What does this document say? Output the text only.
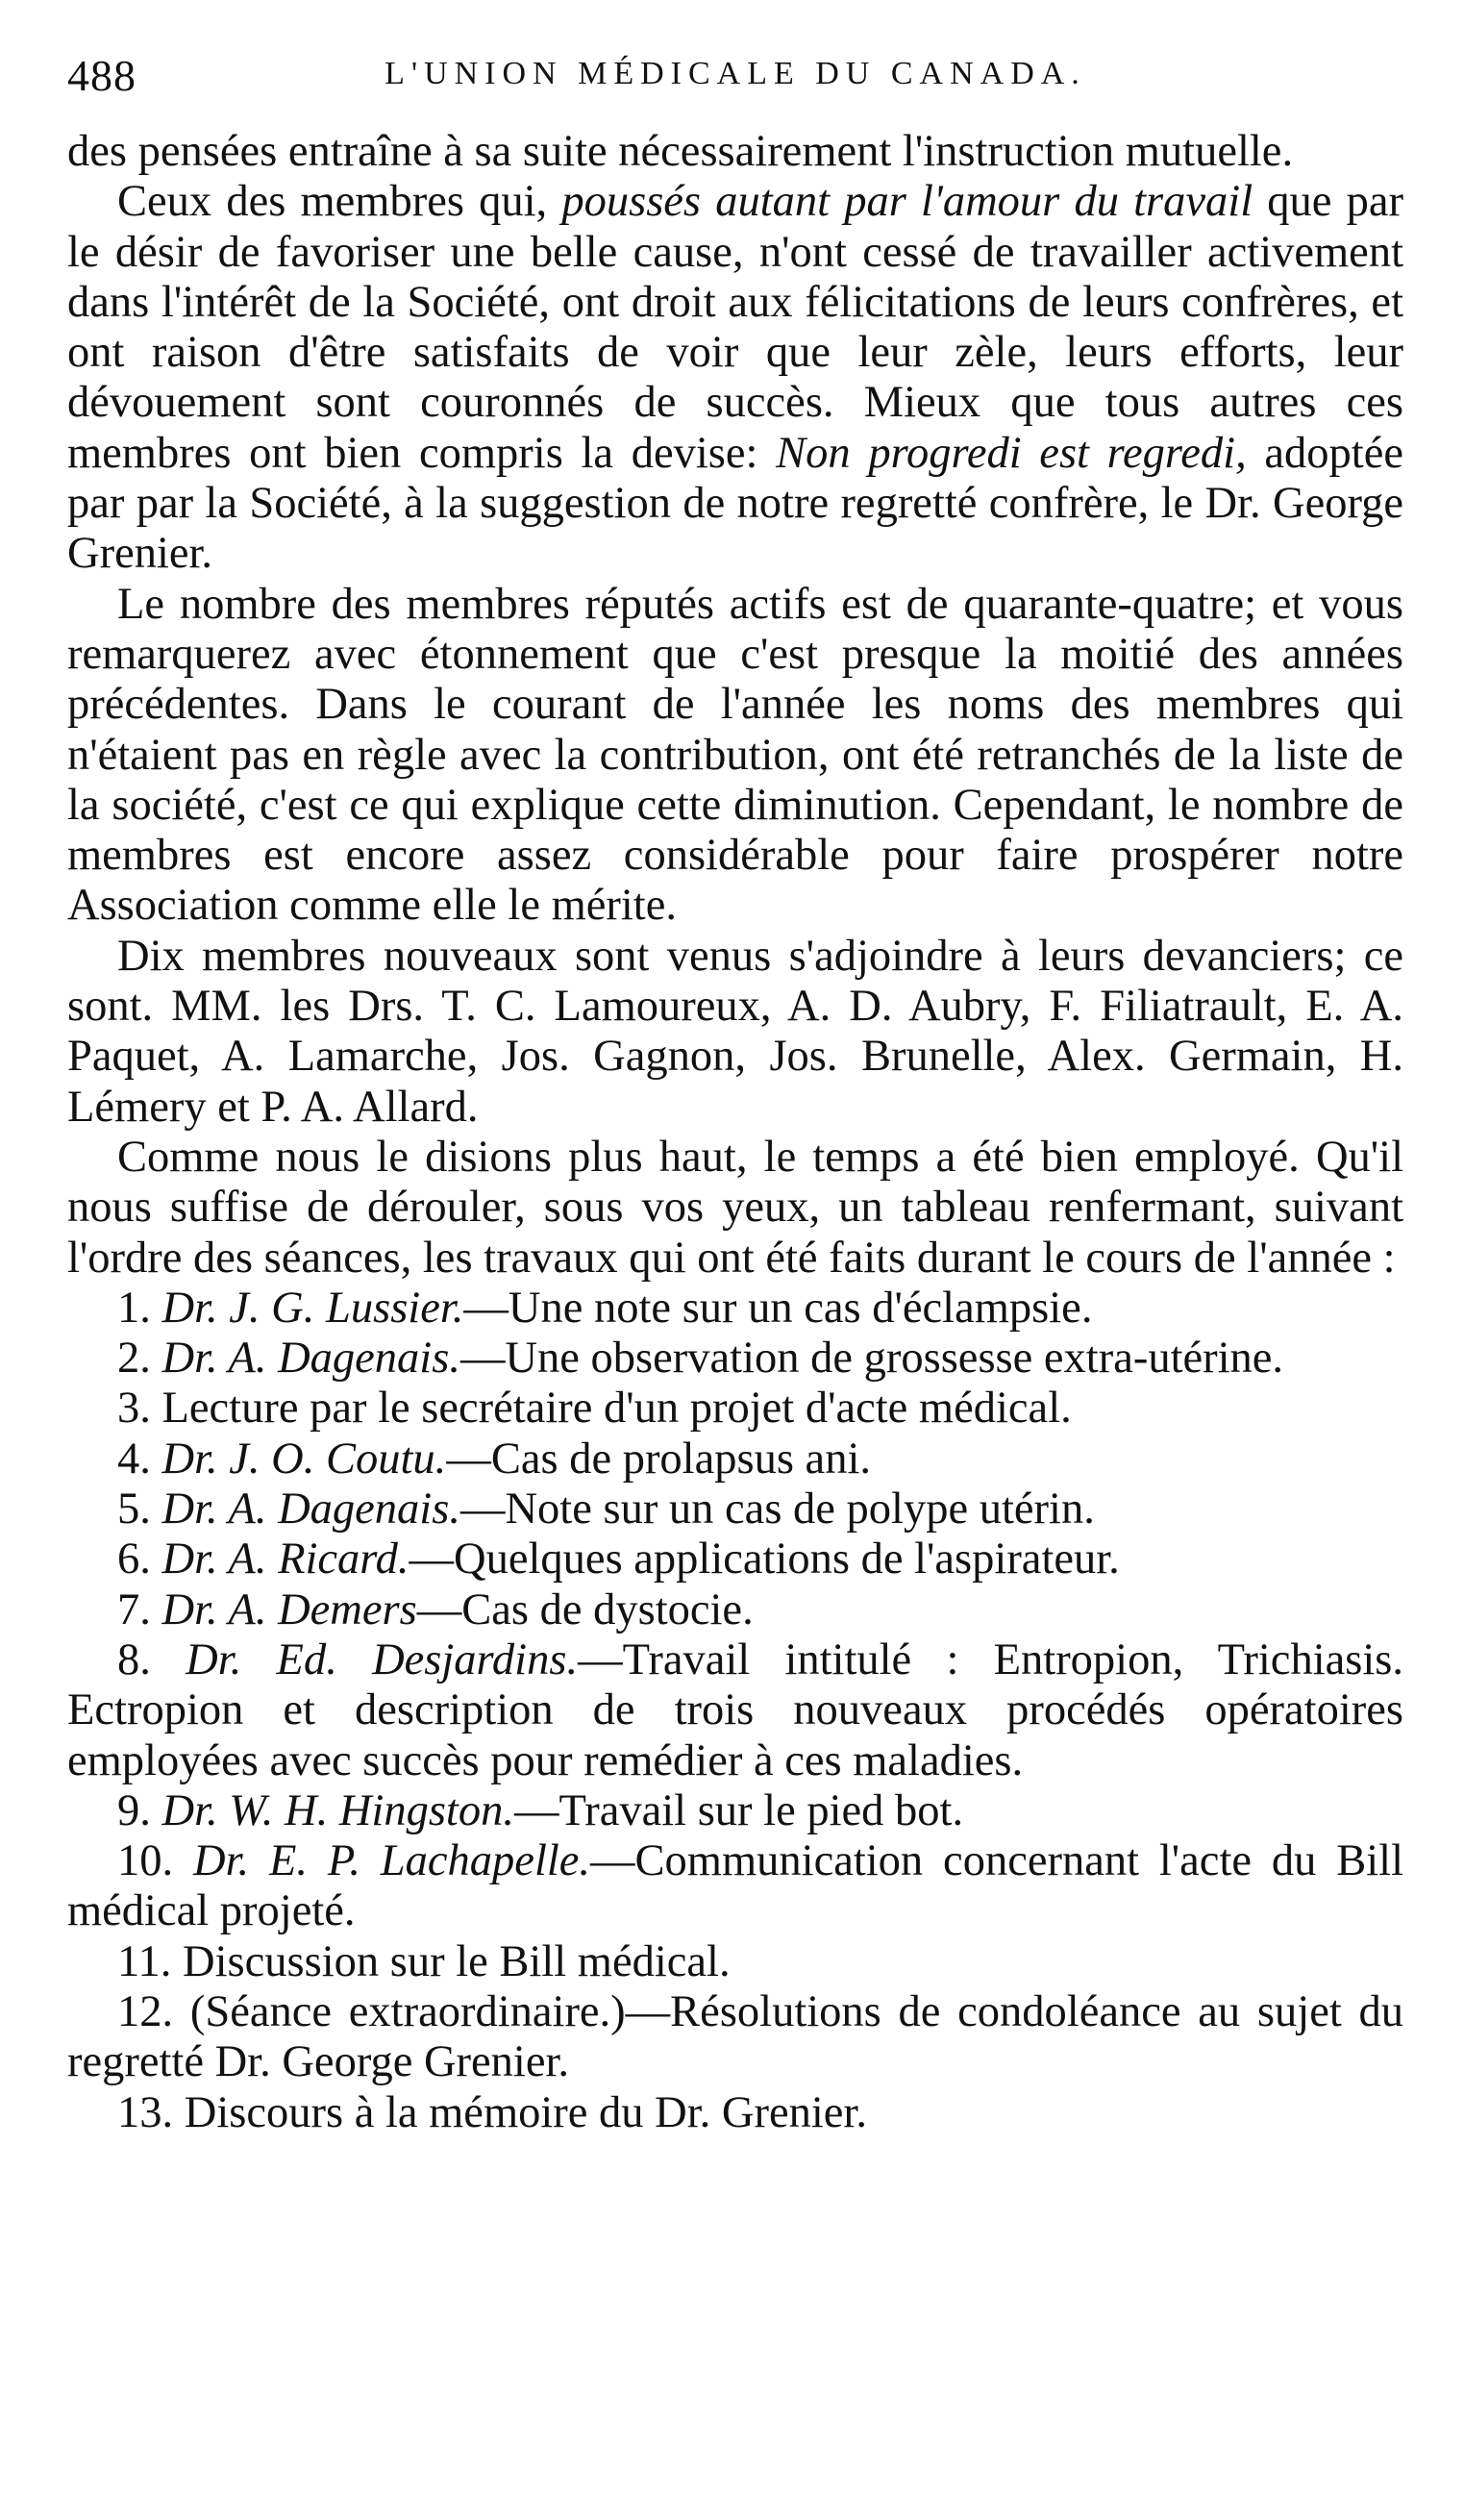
488	L'UNION MÉDICALE DU CANADA.

des pensées entraîne à sa suite nécessairement l'instruction mutuelle.

Ceux des membres qui, poussés autant par l'amour du travail que par le désir de favoriser une belle cause, n'ont cessé de travailler activement dans l'intérêt de la Société, ont droit aux félicitations de leurs confrères, et ont raison d'être satisfaits de voir que leur zèle, leurs efforts, leur dévouement sont couronnés de succès. Mieux que tous autres ces membres ont bien compris la devise: Non progredi est regredi, adoptée par par la Société, à la suggestion de notre regretté confrère, le Dr. George Grenier.

Le nombre des membres réputés actifs est de quarante-quatre; et vous remarquerez avec étonnement que c'est presque la moitié des années précédentes. Dans le courant de l'année les noms des membres qui n'étaient pas en règle avec la contribution, ont été retranchés de la liste de la société, c'est ce qui explique cette diminution. Cependant, le nombre de membres est encore assez considérable pour faire prospérer notre Association comme elle le mérite.

Dix membres nouveaux sont venus s'adjoindre à leurs devanciers; ce sont. MM. les Drs. T. C. Lamoureux, A. D. Aubry, F. Filiatrault, E. A. Paquet, A. Lamarche, Jos. Gagnon, Jos. Brunelle, Alex. Germain, H. Lémery et P. A. Allard.

Comme nous le disions plus haut, le temps a été bien employé. Qu'il nous suffise de dérouler, sous vos yeux, un tableau renfermant, suivant l'ordre des séances, les travaux qui ont été faits durant le cours de l'année :

1. Dr. J. G. Lussier.—Une note sur un cas d'éclampsie.

2. Dr. A. Dagenais.—Une observation de grossesse extra-utérine.

3. Lecture par le secrétaire d'un projet d'acte médical.

4. Dr. J. O. Coutu.—Cas de prolapsus ani.

5. Dr. A. Dagenais.—Note sur un cas de polype utérin.

6. Dr. A. Ricard.—Quelques applications de l'aspirateur.

7. Dr. A. Demers—Cas de dystocie.

8. Dr. Ed. Desjardins.—Travail intitulé : Entropion, Trichiasis. Ectropion et description de trois nouveaux procédés opératoires employées avec succès pour remédier à ces maladies.

9. Dr. W. H. Hingston.—Travail sur le pied bot.

10. Dr. E. P. Lachapelle.—Communication concernant l'acte du Bill médical projeté.

11. Discussion sur le Bill médical.

12. (Séance extraordinaire.)—Résolutions de condoléance au sujet du regretté Dr. George Grenier.

13. Discours à la mémoire du Dr. Grenier.
